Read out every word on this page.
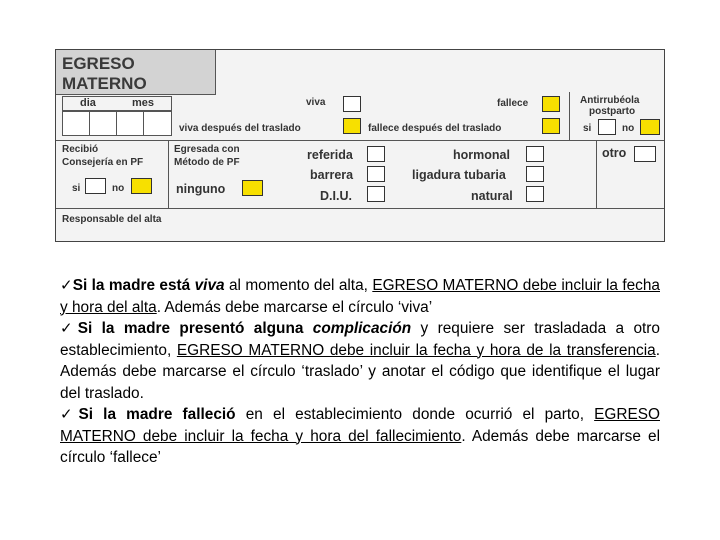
EGRESO
MATERNO
dia	mes	viva	fallece
viva después del traslado	fallece después del traslado
Antirrubéola
postparto
si	no
Recibió
Consejería en PF
si	no
Egresada con
Método de PF
ninguno
referida
barrera
D.I.U.
hormonal
ligadura tubaria
natural
otro
Responsable del alta

✓Si la madre está viva al momento del alta, EGRESO MATERNO debe incluir la fecha y hora del alta. Además debe marcarse el círculo ‘viva’

✓Si la madre presentó alguna complicación y requiere ser trasladada a otro establecimiento, EGRESO MATERNO debe incluir la fecha y hora de la transferencia. Además debe marcarse el círculo ‘traslado’ y anotar el código que identifique el lugar del traslado.

✓Si la madre falleció en el establecimiento donde ocurrió el parto, EGRESO MATERNO debe incluir la fecha y hora del fallecimiento. Además debe marcarse el círculo ‘fallece’
